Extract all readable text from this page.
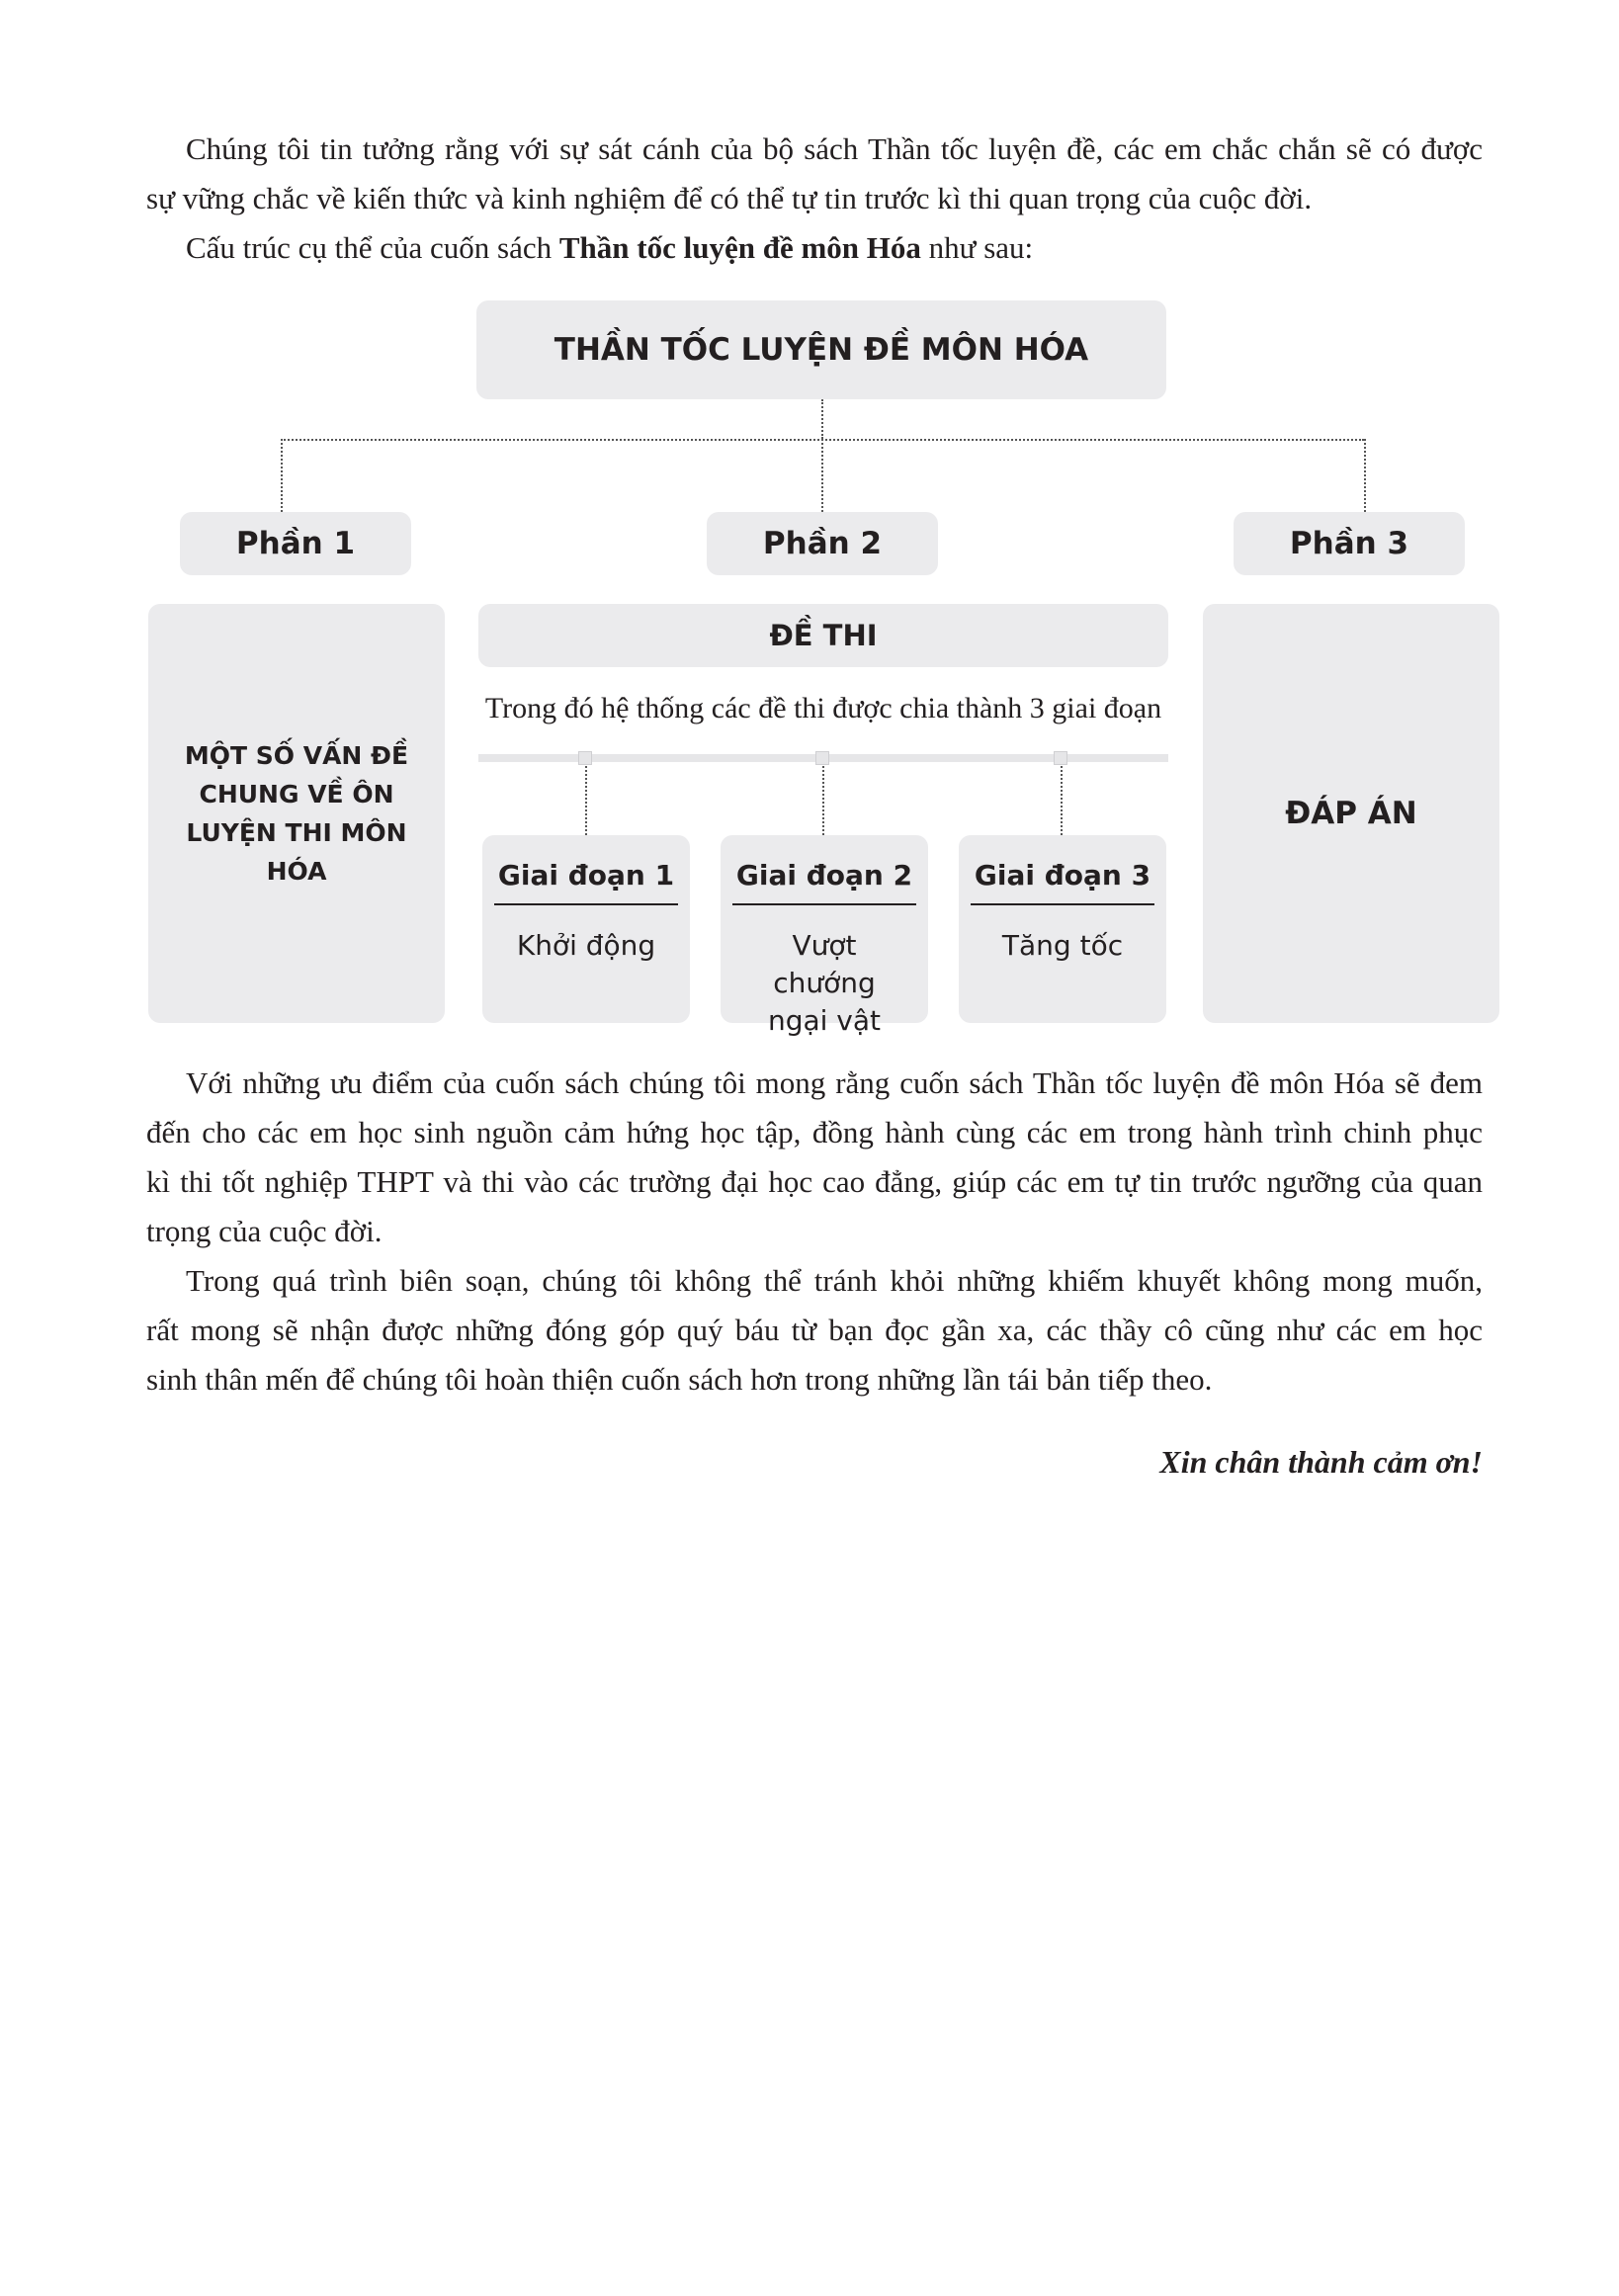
Chúng tôi tin tưởng rằng với sự sát cánh của bộ sách Thần tốc luyện đề, các em chắc chắn sẽ có được
sự vững chắc về kiến thức và kinh nghiệm để có thể tự tin trước kì thi quan trọng của cuộc đời.
Cấu trúc cụ thể của cuốn sách Thần tốc luyện đề môn Hóa như sau:
THẦN TỐC LUYỆN ĐỀ MÔN HÓA
Phần 1	Phần 2	Phần 3
MỘT SỐ VẤN ĐỀ CHUNG VỀ ÔN LUYỆN THI MÔN HÓA
ĐỀ THI
Trong đó hệ thống các đề thi được chia thành 3 giai đoạn
Giai đoạn 1
Khởi động
Giai đoạn 2
Vượt chướng ngại vật
Giai đoạn 3
Tăng tốc
ĐÁP ÁN
Với những ưu điểm của cuốn sách chúng tôi mong rằng cuốn sách Thần tốc luyện đề môn Hóa sẽ đem
đến cho các em học sinh nguồn cảm hứng học tập, đồng hành cùng các em trong hành trình chinh phục
kì thi tốt nghiệp THPT và thi vào các trường đại học cao đẳng, giúp các em tự tin trước ngưỡng của quan
trọng của cuộc đời.
Trong quá trình biên soạn, chúng tôi không thể tránh khỏi những khiếm khuyết không mong muốn,
rất mong sẽ nhận được những đóng góp quý báu từ bạn đọc gần xa, các thầy cô cũng như các em học
sinh thân mến để chúng tôi hoàn thiện cuốn sách hơn trong những lần tái bản tiếp theo.
Xin chân thành cảm ơn!
